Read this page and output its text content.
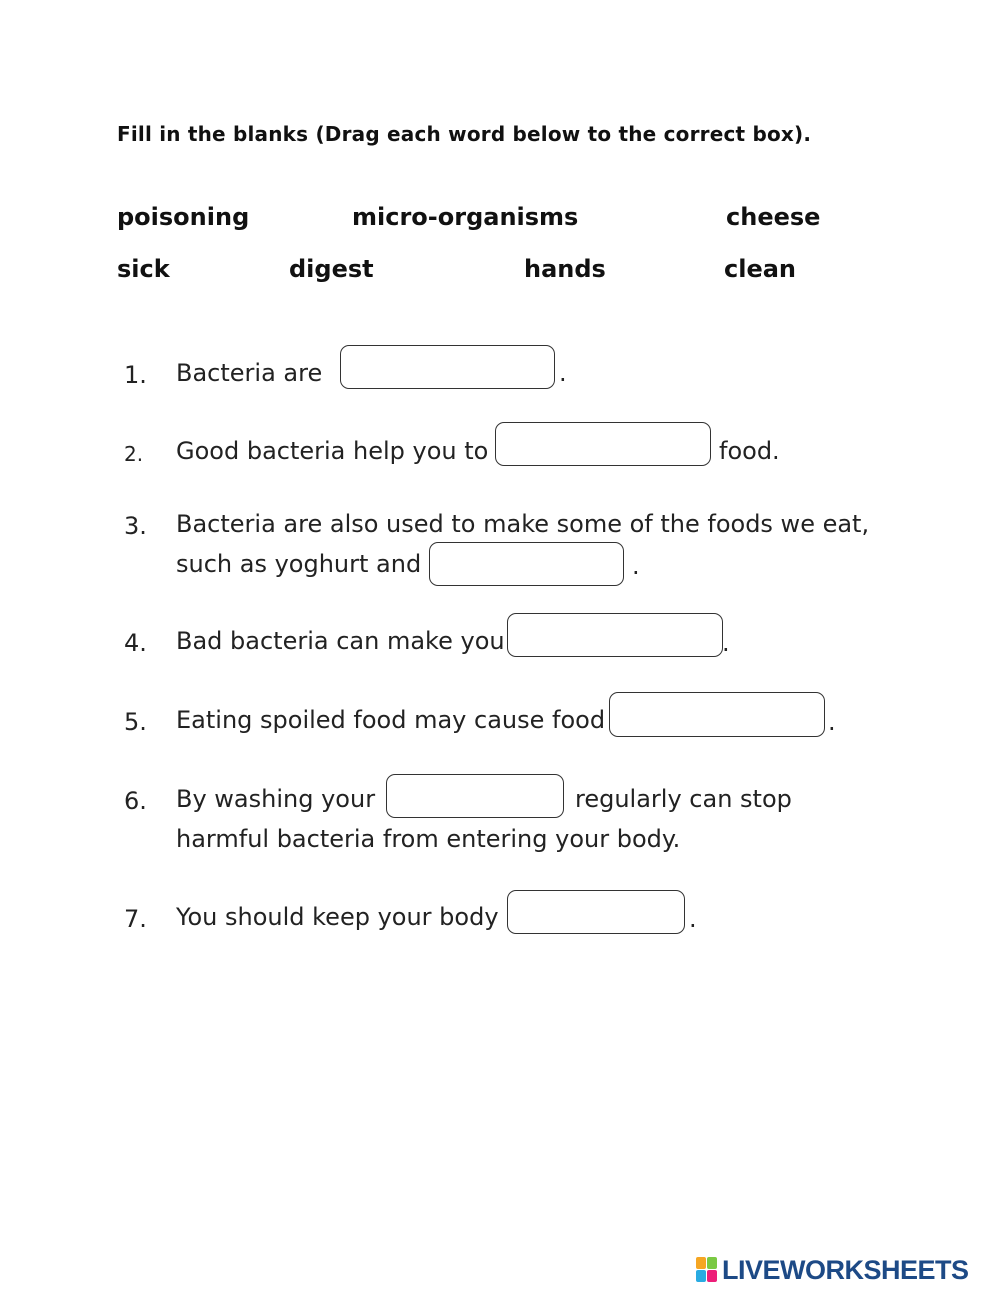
Fill in the blanks (Drag each word below to the correct box).
poisoning	micro-organisms	cheese
sick	digest	hands	clean
1. Bacteria are	.
2. Good bacteria help you to	food.
3. Bacteria are also used to make some of the foods we eat,
such as yoghurt and	.
4. Bad bacteria can make you	.
5. Eating spoiled food may cause food	.
6. By washing your	regularly can stop
harmful bacteria from entering your body.
7. You should keep your body	.
LIVEWORKSHEETS
